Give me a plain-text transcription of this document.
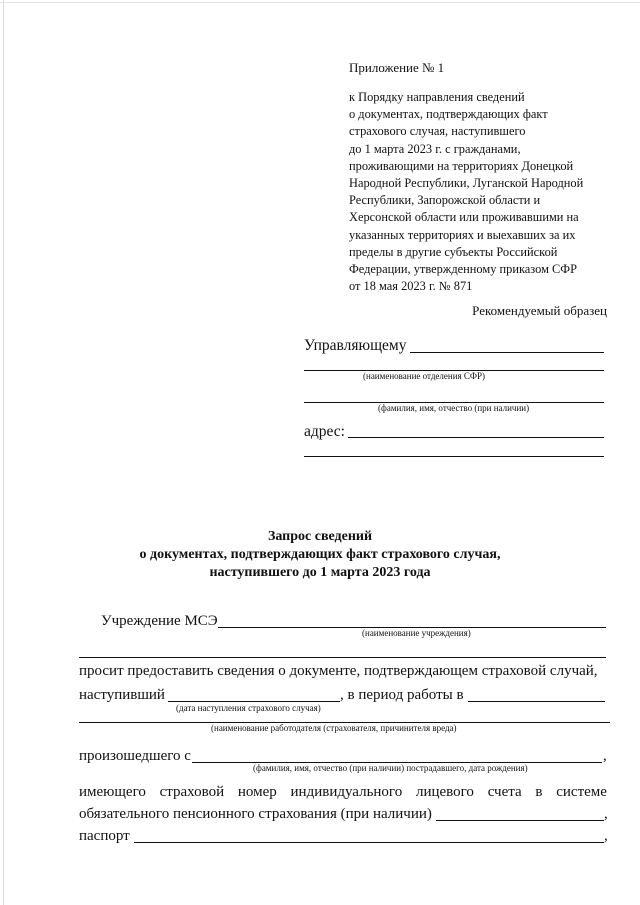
Приложение № 1
к Порядку направления сведений
о документах, подтверждающих факт
страхового случая, наступившего
до 1 марта 2023 г. с гражданами,
проживающими на территориях Донецкой
Народной Республики, Луганской Народной
Республики, Запорожской области и
Херсонской области или проживавшими на
указанных территориях и выехавших за их
пределы в другие субъекты Российской
Федерации, утвержденному приказом СФР
от 18 мая 2023 г. № 871
Рекомендуемый образец
Управляющему
(наименование отделения СФР)
(фамилия, имя, отчество (при наличии)
адрес:
Запрос сведений
о документах, подтверждающих факт страхового случая,
наступившего до 1 марта 2023 года
Учреждение МСЭ
(наименование учреждения)
просит предоставить сведения о документе, подтверждающем страховой случай,
наступивший	, в период работы в
(дата наступления страхового случая)
(наименование работодателя (страхователя, причинителя вреда)
произошедшего с	,
(фамилия, имя, отчество (при наличии) пострадавшего, дата рождения)
имеющего страховой номер индивидуального лицевого счета в системе
обязательного пенсионного страхования (при наличии)	,
паспорт	,
